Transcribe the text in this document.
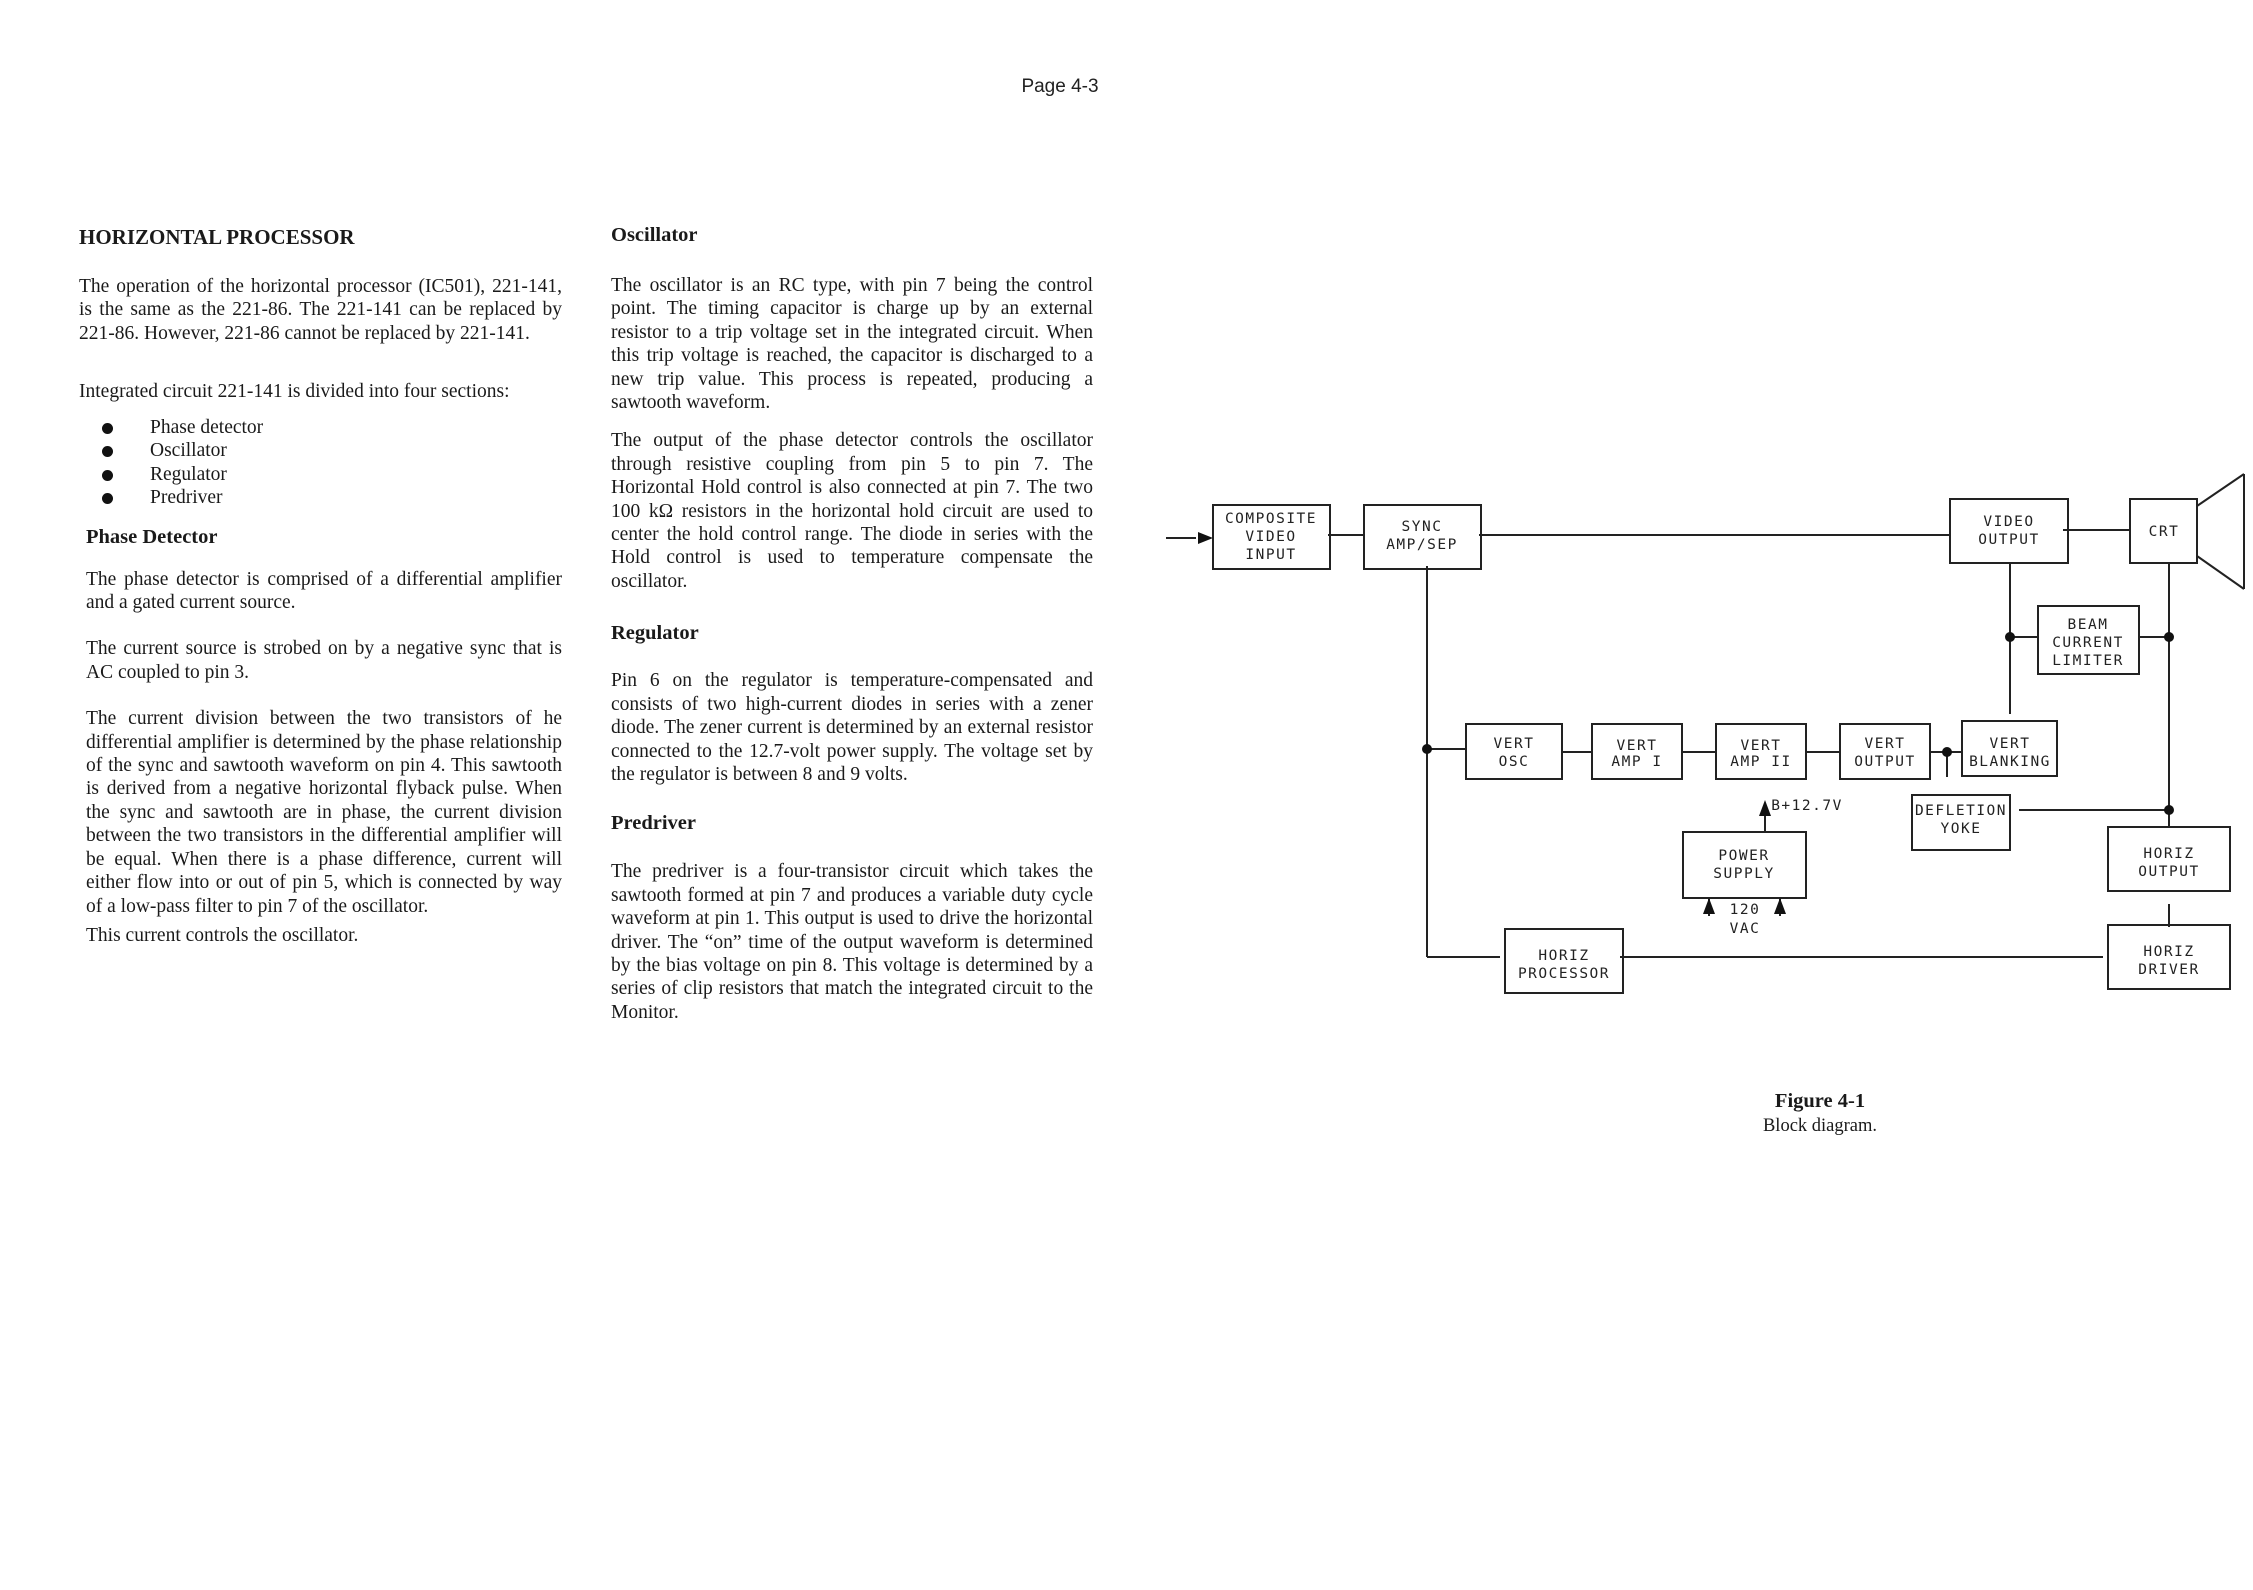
Page 4-3
HORIZONTAL PROCESSOR

The operation of the horizontal processor (IC501), 221-141, is the same as the 221-86. The 221-141 can be replaced by 221-86. However, 221-86 cannot be replaced by 221-141.

Integrated circuit 221-141 is divided into four sections:

Phase detector
Oscillator
Regulator
Predriver
Phase Detector

The phase detector is comprised of a differential amplifier and a gated current source.

The current source is strobed on by a negative sync that is AC coupled to pin 3.

The current division between the two transistors of he differential amplifier is determined by the phase relationship of the sync and sawtooth waveform on pin 4. This sawtooth is derived from a negative horizontal flyback pulse. When the sync and sawtooth are in phase, the current division between the two transistors in the differential amplifier will be equal. When there is a phase difference, current will either flow into or out of pin 5, which is connected by way of a low-pass filter to pin 7 of the oscillator.

This current controls the oscillator.

Oscillator

The oscillator is an RC type, with pin 7 being the control point. The timing capacitor is charge up by an external resistor to a trip voltage set in the integrated circuit. When this trip voltage is reached, the capacitor is discharged to a new trip value. This process is repeated, producing a sawtooth waveform.

The output of the phase detector controls the oscillator through resistive coupling from pin 5 to pin 7. The Horizontal Hold control is also connected at pin 7. The two 100 kΩ resistors in the horizontal hold circuit are used to center the hold control range. The diode in series with the Hold control is used to temperature compensate the oscillator.

Regulator

Pin 6 on the regulator is temperature-compensated and consists of two high-current diodes in series with a zener diode. The zener current is determined by an external resistor connected to the 12.7-volt power supply. The voltage set by the regulator is between 8 and 9 volts.

Predriver

The predriver is a four-transistor circuit which takes the sawtooth formed at pin 7 and produces a variable duty cycle waveform at pin 1. This output is used to drive the horizontal driver. The “on” time of the output waveform is determined by the bias voltage on pin 8. This voltage is determined by a series of clip resistors that match the integrated circuit to the Monitor.

COMPOSITE
VIDEO
INPUT
SYNC
AMP/SEP
VIDEO
OUTPUT	CRT
BEAM
CURRENT
LIMITER
VERT
OSC
VERT
AMP I
VERT
AMP II
VERT
OUTPUT
VERT
BLANKING
DEFLETION
YOKE
POWER
SUPPLY
HORIZ
OUTPUT
HORIZ
PROCESSOR
HORIZ
DRIVER
B+12.7V
120
VAC
Figure 4-1
Block diagram.
